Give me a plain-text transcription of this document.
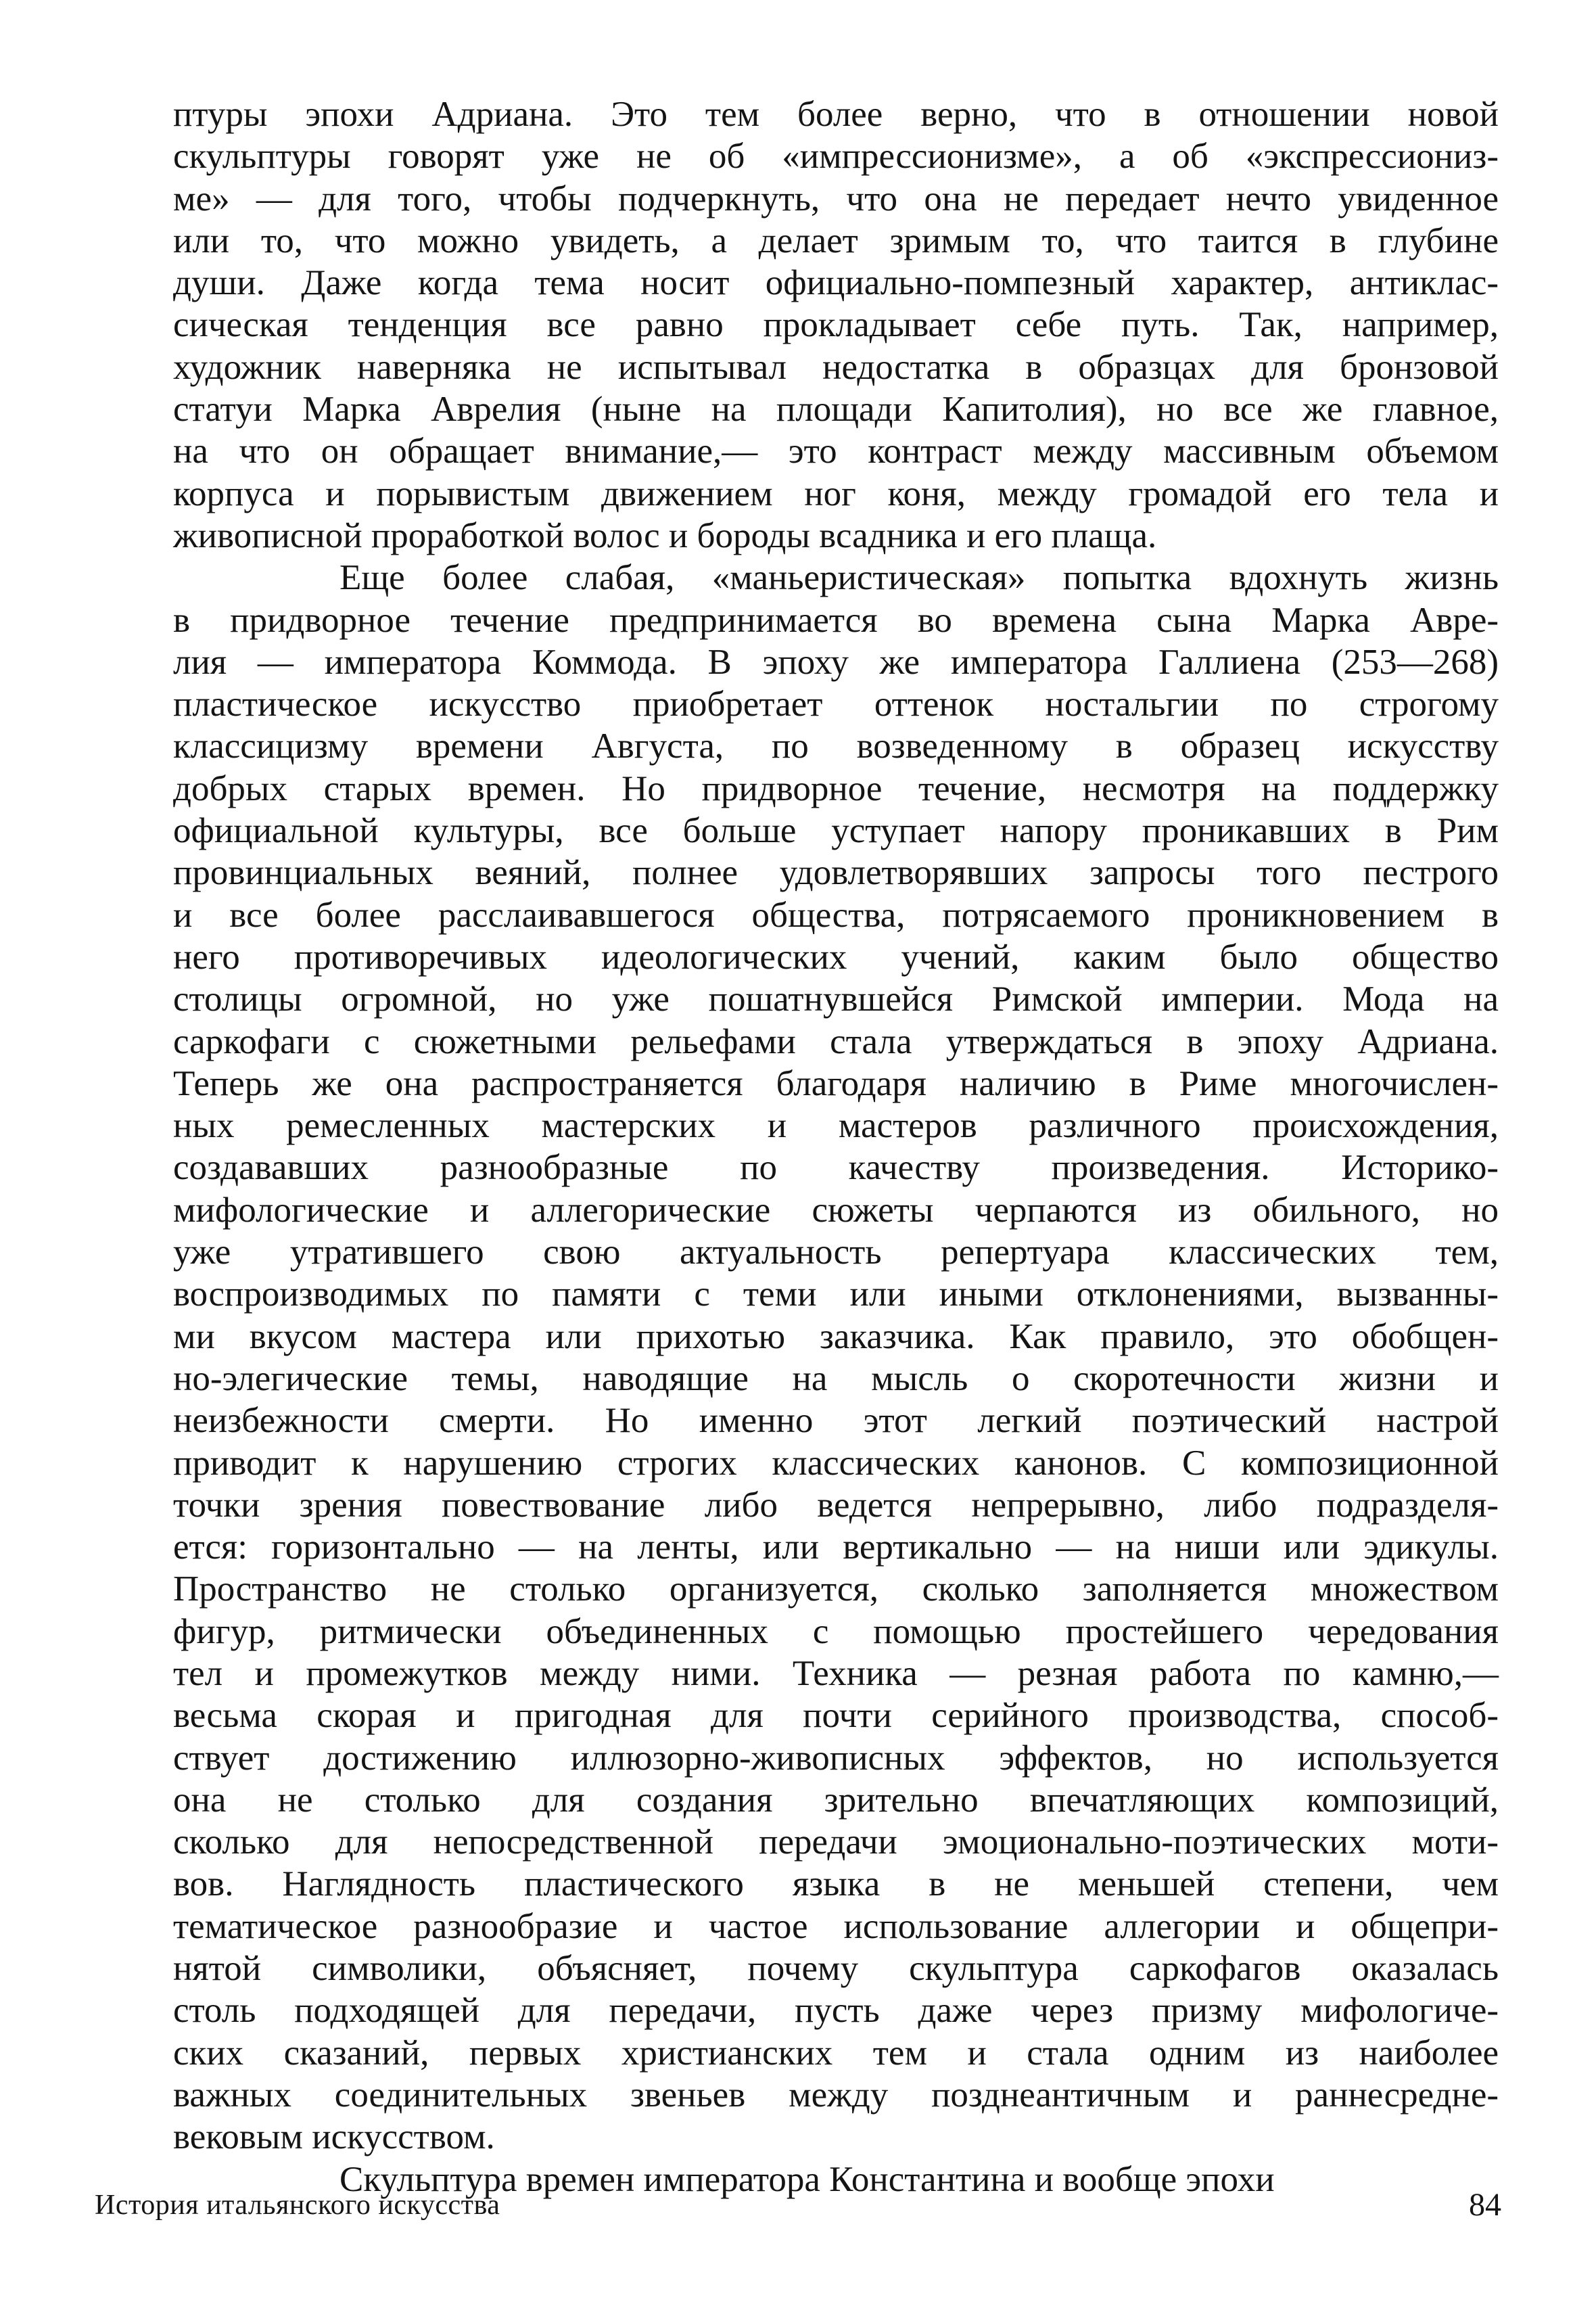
птуры эпохи Адриана. Это тем более верно, что в отношении новой
скульптуры говорят уже не об «импрессионизме», а об «экспрессиониз-
ме» — для того, чтобы подчеркнуть, что она не передает нечто увиденное
или то, что можно увидеть, а делает зримым то, что таится в глубине
души. Даже когда тема носит официально-помпезный характер, антиклас-
сическая тенденция все равно прокладывает себе путь. Так, например,
художник наверняка не испытывал недостатка в образцах для бронзовой
статуи Марка Аврелия (ныне на площади Капитолия), но все же главное,
на что он обращает внимание,— это контраст между массивным объемом
корпуса и порывистым движением ног коня, между громадой его тела и
живописной проработкой волос и бороды всадника и его плаща.
Еще более слабая, «маньеристическая» попытка вдохнуть жизнь
в придворное течение предпринимается во времена сына Марка Авре-
лия — императора Коммода. В эпоху же императора Галлиена (253—268)
пластическое искусство приобретает оттенок ностальгии по строгому
классицизму времени Августа, по возведенному в образец искусству
добрых старых времен. Но придворное течение, несмотря на поддержку
официальной культуры, все больше уступает напору проникавших в Рим
провинциальных веяний, полнее удовлетворявших запросы того пестрого
и все более расслаивавшегося общества, потрясаемого проникновением в
него противоречивых идеологических учений, каким было общество
столицы огромной, но уже пошатнувшейся Римской империи. Мода на
саркофаги с сюжетными рельефами стала утверждаться в эпоху Адриана.
Теперь же она распространяется благодаря наличию в Риме многочислен-
ных ремесленных мастерских и мастеров различного происхождения,
создававших разнообразные по качеству произведения. Историко-
мифологические и аллегорические сюжеты черпаются из обильного, но
уже утратившего свою актуальность репертуара классических тем,
воспроизводимых по памяти с теми или иными отклонениями, вызванны-
ми вкусом мастера или прихотью заказчика. Как правило, это обобщен-
но-элегические темы, наводящие на мысль о скоротечности жизни и
неизбежности смерти. Но именно этот легкий поэтический настрой
приводит к нарушению строгих классических канонов. С композиционной
точки зрения повествование либо ведется непрерывно, либо подразделя-
ется: горизонтально — на ленты, или вертикально — на ниши или эдикулы.
Пространство не столько организуется, сколько заполняется множеством
фигур, ритмически объединенных с помощью простейшего чередования
тел и промежутков между ними. Техника — резная работа по камню,—
весьма скорая и пригодная для почти серийного производства, способ-
ствует достижению иллюзорно-живописных эффектов, но используется
она не столько для создания зрительно впечатляющих композиций,
сколько для непосредственной передачи эмоционально-поэтических моти-
вов. Наглядность пластического языка в не меньшей степени, чем
тематическое разнообразие и частое использование аллегории и общепри-
нятой символики, объясняет, почему скульптура саркофагов оказалась
столь подходящей для передачи, пусть даже через призму мифологиче-
ских сказаний, первых христианских тем и стала одним из наиболее
важных соединительных звеньев между позднеантичным и раннесредне-
вековым искусством.
Скульптура времен императора Константина и вообще эпохи
История итальянского искусства	84
